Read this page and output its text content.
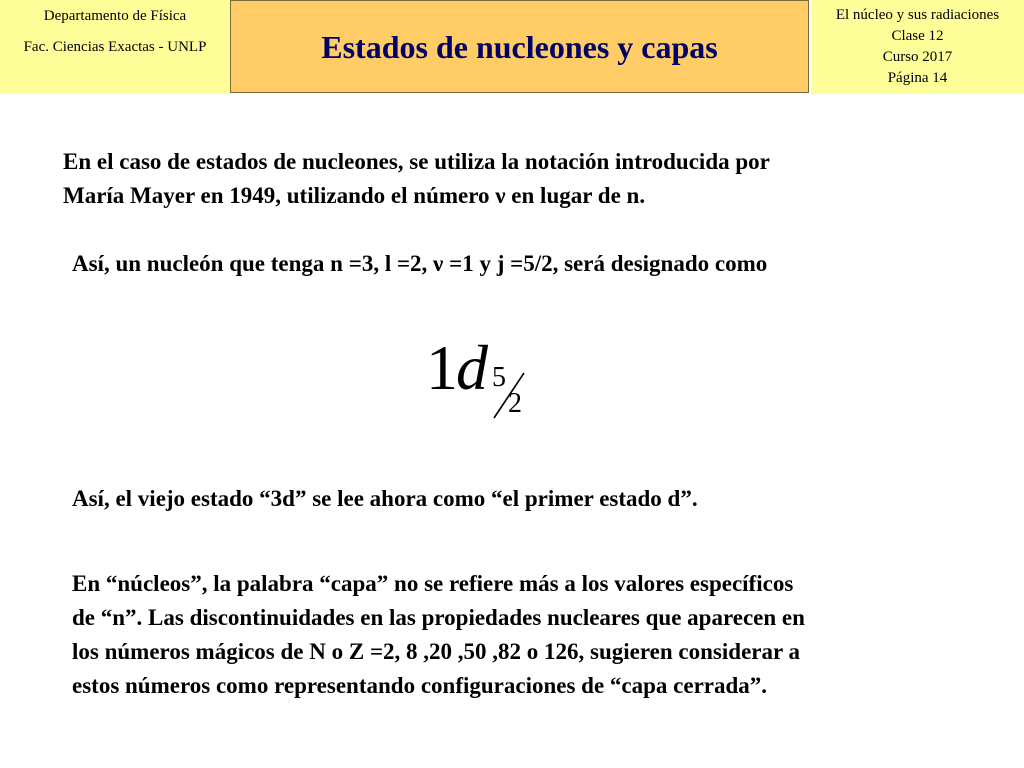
Departamento de Física
Fac. Ciencias Exactas - UNLP	Estados de nucleones y capas
El núcleo y sus radiaciones
Clase 12
Curso 2017
Página 14
En el caso de estados de nucleones, se utiliza la notación introducida por
María Mayer en 1949, utilizando el número ν en lugar de n.
Así, un nucleón que tenga n =3, l =2, ν =1 y j =5/2, será designado como
1
d 5
2
Así, el viejo estado “3d” se lee ahora como “el primer estado d”.
En “núcleos”, la palabra “capa” no se refiere más a los valores específicos
de “n”. Las discontinuidades en las propiedades nucleares que aparecen en
los números mágicos de N o Z =2, 8 ,20 ,50 ,82 o 126, sugieren considerar a
estos números como representando configuraciones de “capa cerrada”.
